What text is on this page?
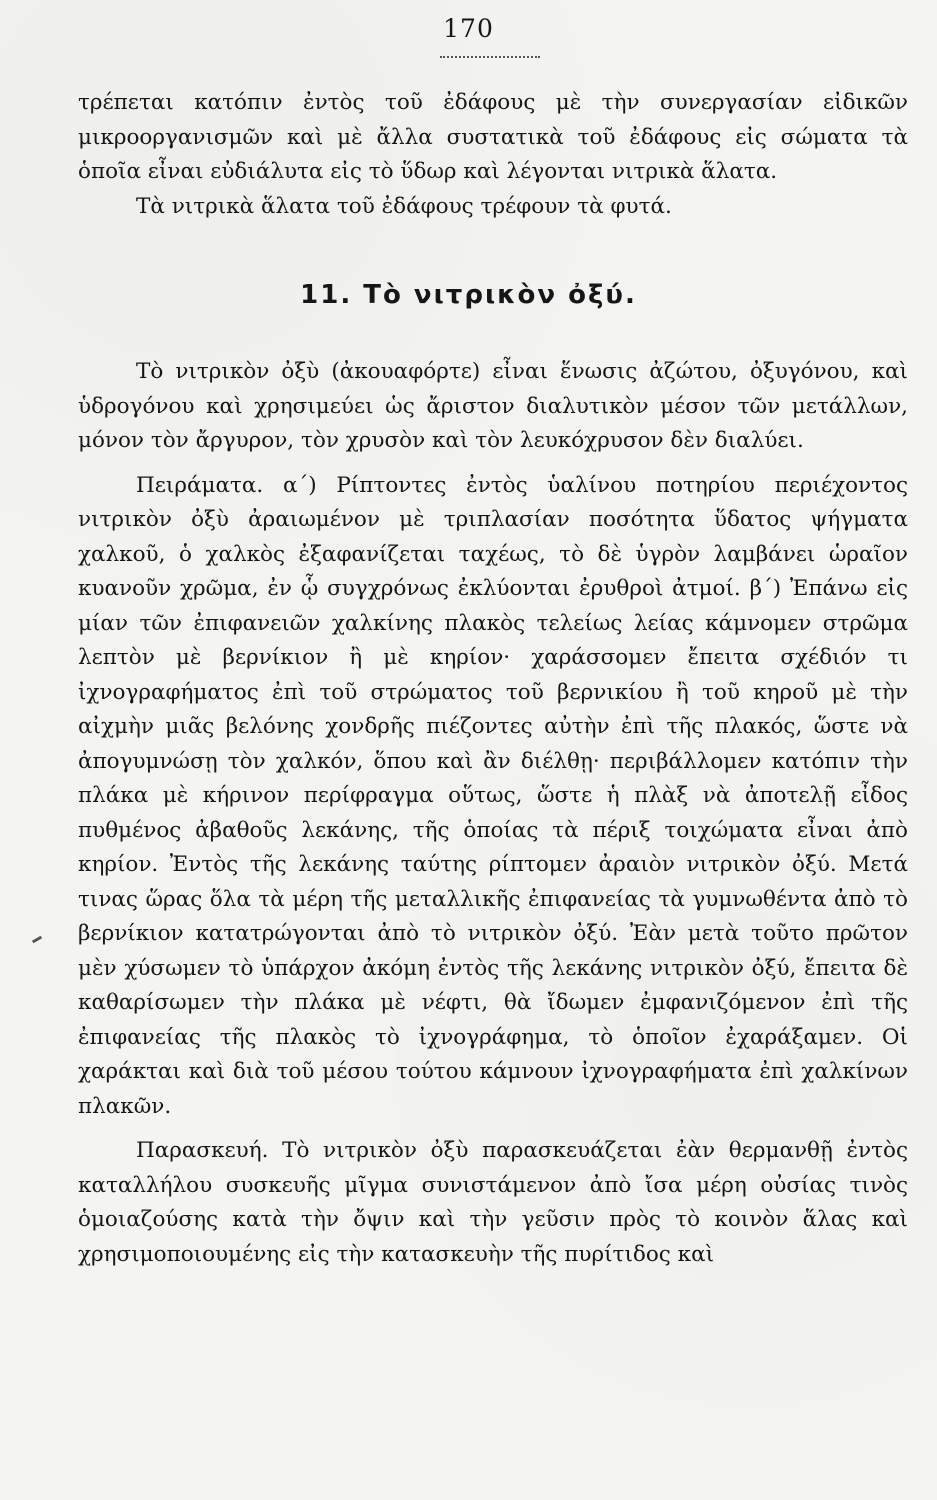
170

τρέπεται κατόπιν ἐντὸς τοῦ ἐδάφους μὲ τὴν συνεργασίαν εἰδικῶν μικροοργανισμῶν καὶ μὲ ἄλλα συστατικὰ τοῦ ἐδάφους εἰς σώματα τὰ ὁποῖα εἶναι εὐδιάλυτα εἰς τὸ ὕδωρ καὶ λέγονται νιτρικὰ ἅλατα.

Τὰ νιτρικὰ ἅλατα τοῦ ἐδάφους τρέφουν τὰ φυτά.

11. Τὸ νιτρικὸν ὀξύ.

Τὸ νιτρικὸν ὀξὺ (ἀκουαφόρτε) εἶναι ἕνωσις ἀζώτου, ὀξυγόνου, καὶ ὑδρογόνου καὶ χρησιμεύει ὡς ἄριστον διαλυτικὸν μέσον τῶν μετάλλων, μόνον τὸν ἄργυρον, τὸν χρυσὸν καὶ τὸν λευκόχρυσον δὲν διαλύει.

Πειράματα. α΄) Ρίπτοντες ἐντὸς ὑαλίνου ποτηρίου περιέχοντος νιτρικὸν ὀξὺ ἀραιωμένον μὲ τριπλασίαν ποσότητα ὕδατος ψήγματα χαλκοῦ, ὁ χαλκὸς ἐξαφανίζεται ταχέως, τὸ δὲ ὑγρὸν λαμβάνει ὡραῖον κυανοῦν χρῶμα, ἐν ᾧ συγχρόνως ἐκλύονται ἐρυθροὶ ἀτμοί. β΄) Ἐπάνω εἰς μίαν τῶν ἐπιφανειῶν χαλκίνης πλακὸς τελείως λείας κάμνομεν στρῶμα λεπτὸν μὲ βερνίκιον ἢ μὲ κηρίον· χαράσσομεν ἔπειτα σχέδιόν τι ἰχνογραφήματος ἐπὶ τοῦ στρώματος τοῦ βερνικίου ἢ τοῦ κηροῦ μὲ τὴν αἰχμὴν μιᾶς βελόνης χονδρῆς πιέζοντες αὐτὴν ἐπὶ τῆς πλακός, ὥστε νὰ ἀπογυμνώσῃ τὸν χαλκόν, ὅπου καὶ ἂν διέλθῃ· περιβάλλομεν κατόπιν τὴν πλάκα μὲ κήρινον περίφραγμα οὕτως, ὥστε ἡ πλὰξ νὰ ἀποτελῇ εἶδος πυθμένος ἀβαθοῦς λεκάνης, τῆς ὁποίας τὰ πέριξ τοιχώματα εἶναι ἀπὸ κηρίον. Ἐντὸς τῆς λεκάνης ταύτης ρίπτομεν ἀραιὸν νιτρικὸν ὀξύ. Μετά τινας ὥρας ὅλα τὰ μέρη τῆς μεταλλικῆς ἐπιφανείας τὰ γυμνωθέντα ἀπὸ τὸ βερνίκιον κατατρώγονται ἀπὸ τὸ νιτρικὸν ὀξύ. Ἐὰν μετὰ τοῦτο πρῶτον μὲν χύσωμεν τὸ ὑπάρχον ἀκόμη ἐντὸς τῆς λεκάνης νιτρικὸν ὀξύ, ἔπειτα δὲ καθαρίσωμεν τὴν πλάκα μὲ νέφτι, θὰ ἴδωμεν ἐμφανιζόμενον ἐπὶ τῆς ἐπιφανείας τῆς πλακὸς τὸ ἰχνογράφημα, τὸ ὁποῖον ἐχαράξαμεν. Οἱ χαράκται καὶ διὰ τοῦ μέσου τούτου κάμνουν ἰχνογραφήματα ἐπὶ χαλκίνων πλακῶν.

Παρασκευή. Τὸ νιτρικὸν ὀξὺ παρασκευάζεται ἐὰν θερμανθῇ ἐντὸς καταλλήλου συσκευῆς μῖγμα συνιστάμενον ἀπὸ ἴσα μέρη οὐσίας τινὸς ὁμοιαζούσης κατὰ τὴν ὄψιν καὶ τὴν γεῦσιν πρὸς τὸ κοινὸν ἅλας καὶ χρησιμοποιουμένης εἰς τὴν κατασκευὴν τῆς πυρίτιδος καὶ
